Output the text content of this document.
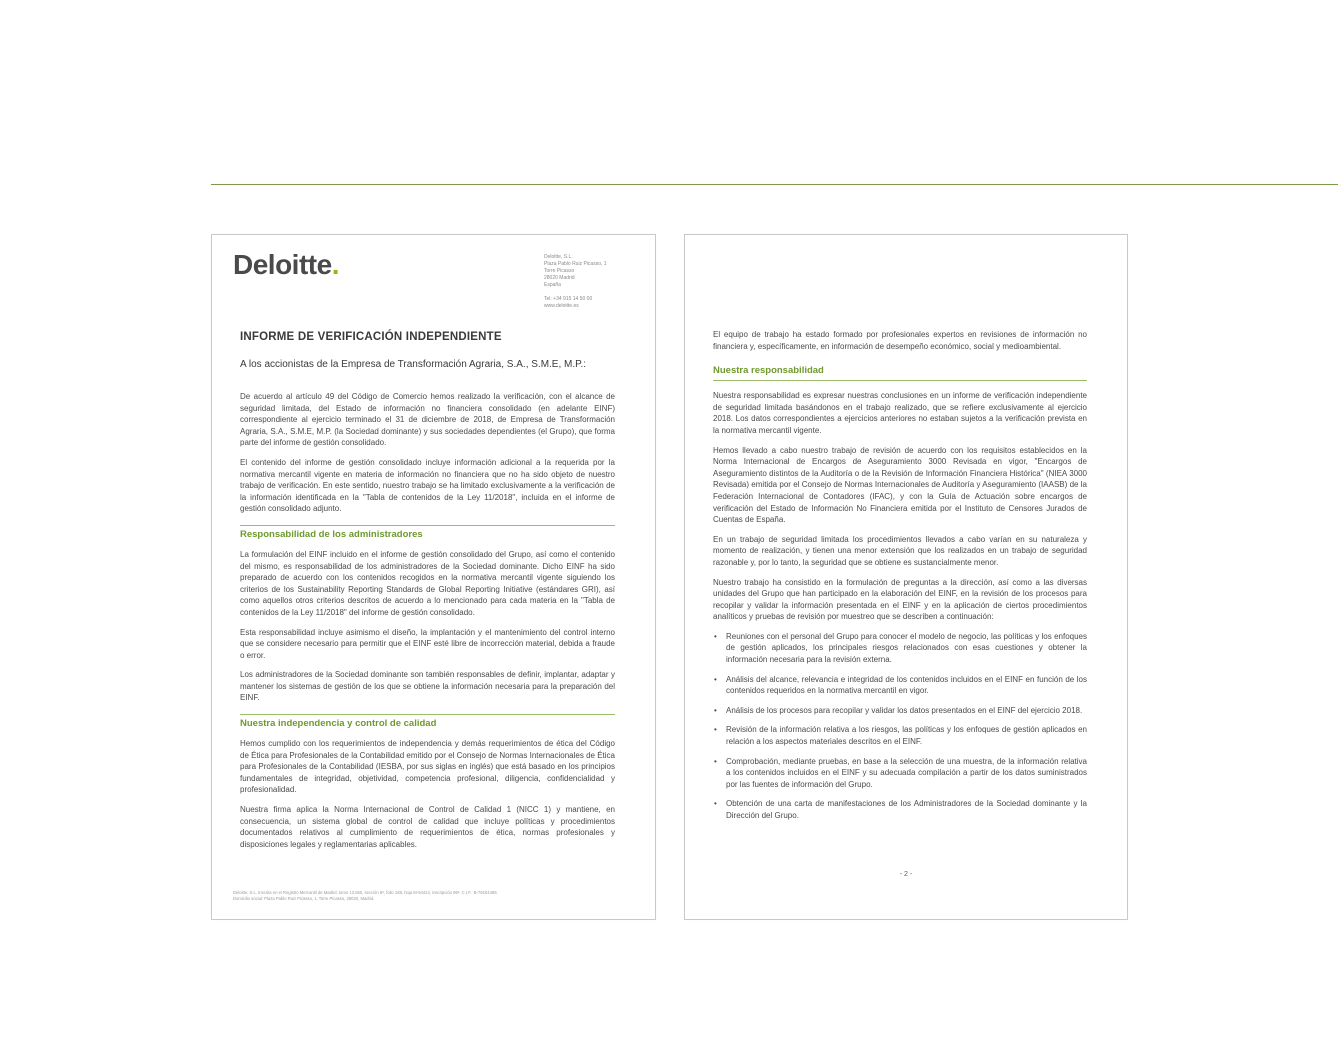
Deloitte.	Deloitte, S.L.
Plaza Pablo Ruiz Picasso, 1
Torre Picasso
28020 Madrid
España
Tel: +34 915 14 50 00
www.deloitte.es
INFORME DE VERIFICACIÓN INDEPENDIENTE
A los accionistas de la Empresa de Transformación Agraria, S.A., S.M.E, M.P.:

De acuerdo al artículo 49 del Código de Comercio hemos realizado la verificación, con el alcance de seguridad limitada, del Estado de información no financiera consolidado (en adelante EINF) correspondiente al ejercicio terminado el 31 de diciembre de 2018, de Empresa de Transformación Agraria, S.A., S.M.E, M.P. (la Sociedad dominante) y sus sociedades dependientes (el Grupo), que forma parte del informe de gestión consolidado.

El contenido del informe de gestión consolidado incluye información adicional a la requerida por la normativa mercantil vigente en materia de información no financiera que no ha sido objeto de nuestro trabajo de verificación. En este sentido, nuestro trabajo se ha limitado exclusivamente a la verificación de la información identificada en la "Tabla de contenidos de la Ley 11/2018", incluida en el informe de gestión consolidado adjunto.

Responsabilidad de los administradores

La formulación del EINF incluido en el informe de gestión consolidado del Grupo, así como el contenido del mismo, es responsabilidad de los administradores de la Sociedad dominante. Dicho EINF ha sido preparado de acuerdo con los contenidos recogidos en la normativa mercantil vigente siguiendo los criterios de los Sustainability Reporting Standards de Global Reporting Initiative (estándares GRI), así como aquellos otros criterios descritos de acuerdo a lo mencionado para cada materia en la "Tabla de contenidos de la Ley 11/2018" del informe de gestión consolidado.

Esta responsabilidad incluye asimismo el diseño, la implantación y el mantenimiento del control interno que se considere necesario para permitir que el EINF esté libre de incorrección material, debida a fraude o error.

Los administradores de la Sociedad dominante son también responsables de definir, implantar, adaptar y mantener los sistemas de gestión de los que se obtiene la información necesaria para la preparación del EINF.

Nuestra independencia y control de calidad

Hemos cumplido con los requerimientos de independencia y demás requerimientos de ética del Código de Ética para Profesionales de la Contabilidad emitido por el Consejo de Normas Internacionales de Ética para Profesionales de la Contabilidad (IESBA, por sus siglas en inglés) que está basado en los principios fundamentales de integridad, objetividad, competencia profesional, diligencia, confidencialidad y profesionalidad.

Nuestra firma aplica la Norma Internacional de Control de Calidad 1 (NICC 1) y mantiene, en consecuencia, un sistema global de control de calidad que incluye políticas y procedimientos documentados relativos al cumplimiento de requerimientos de ética, normas profesionales y disposiciones legales y reglamentarias aplicables.

Deloitte, S.L. Inscrita en el Registro Mercantil de Madrid, tomo 13.650, sección 8ª, folio 188, hoja M-54414, inscripción 96ª. C.I.F.: B-79104469.
Domicilio social: Plaza Pablo Ruiz Picasso, 1, Torre Picasso, 28020, Madrid.

El equipo de trabajo ha estado formado por profesionales expertos en revisiones de información no financiera y, específicamente, en información de desempeño económico, social y medioambiental.

Nuestra responsabilidad

Nuestra responsabilidad es expresar nuestras conclusiones en un informe de verificación independiente de seguridad limitada basándonos en el trabajo realizado, que se refiere exclusivamente al ejercicio 2018. Los datos correspondientes a ejercicios anteriores no estaban sujetos a la verificación prevista en la normativa mercantil vigente.

Hemos llevado a cabo nuestro trabajo de revisión de acuerdo con los requisitos establecidos en la Norma Internacional de Encargos de Aseguramiento 3000 Revisada en vigor, "Encargos de Aseguramiento distintos de la Auditoría o de la Revisión de Información Financiera Histórica" (NIEA 3000 Revisada) emitida por el Consejo de Normas Internacionales de Auditoría y Aseguramiento (IAASB) de la Federación Internacional de Contadores (IFAC), y con la Guía de Actuación sobre encargos de verificación del Estado de Información No Financiera emitida por el Instituto de Censores Jurados de Cuentas de España.

En un trabajo de seguridad limitada los procedimientos llevados a cabo varían en su naturaleza y momento de realización, y tienen una menor extensión que los realizados en un trabajo de seguridad razonable y, por lo tanto, la seguridad que se obtiene es sustancialmente menor.

Nuestro trabajo ha consistido en la formulación de preguntas a la dirección, así como a las diversas unidades del Grupo que han participado en la elaboración del EINF, en la revisión de los procesos para recopilar y validar la información presentada en el EINF y en la aplicación de ciertos procedimientos analíticos y pruebas de revisión por muestreo que se describen a continuación:

• Reuniones con el personal del Grupo para conocer el modelo de negocio, las políticas y los enfoques de gestión aplicados, los principales riesgos relacionados con esas cuestiones y obtener la información necesaria para la revisión externa.
• Análisis del alcance, relevancia e integridad de los contenidos incluidos en el EINF en función de los contenidos requeridos en la normativa mercantil en vigor.
• Análisis de los procesos para recopilar y validar los datos presentados en el EINF del ejercicio 2018.
• Revisión de la información relativa a los riesgos, las políticas y los enfoques de gestión aplicados en relación a los aspectos materiales descritos en el EINF.
• Comprobación, mediante pruebas, en base a la selección de una muestra, de la información relativa a los contenidos incluidos en el EINF y su adecuada compilación a partir de los datos suministrados por las fuentes de información del Grupo.
• Obtención de una carta de manifestaciones de los Administradores de la Sociedad dominante y la Dirección del Grupo.
- 2 -
